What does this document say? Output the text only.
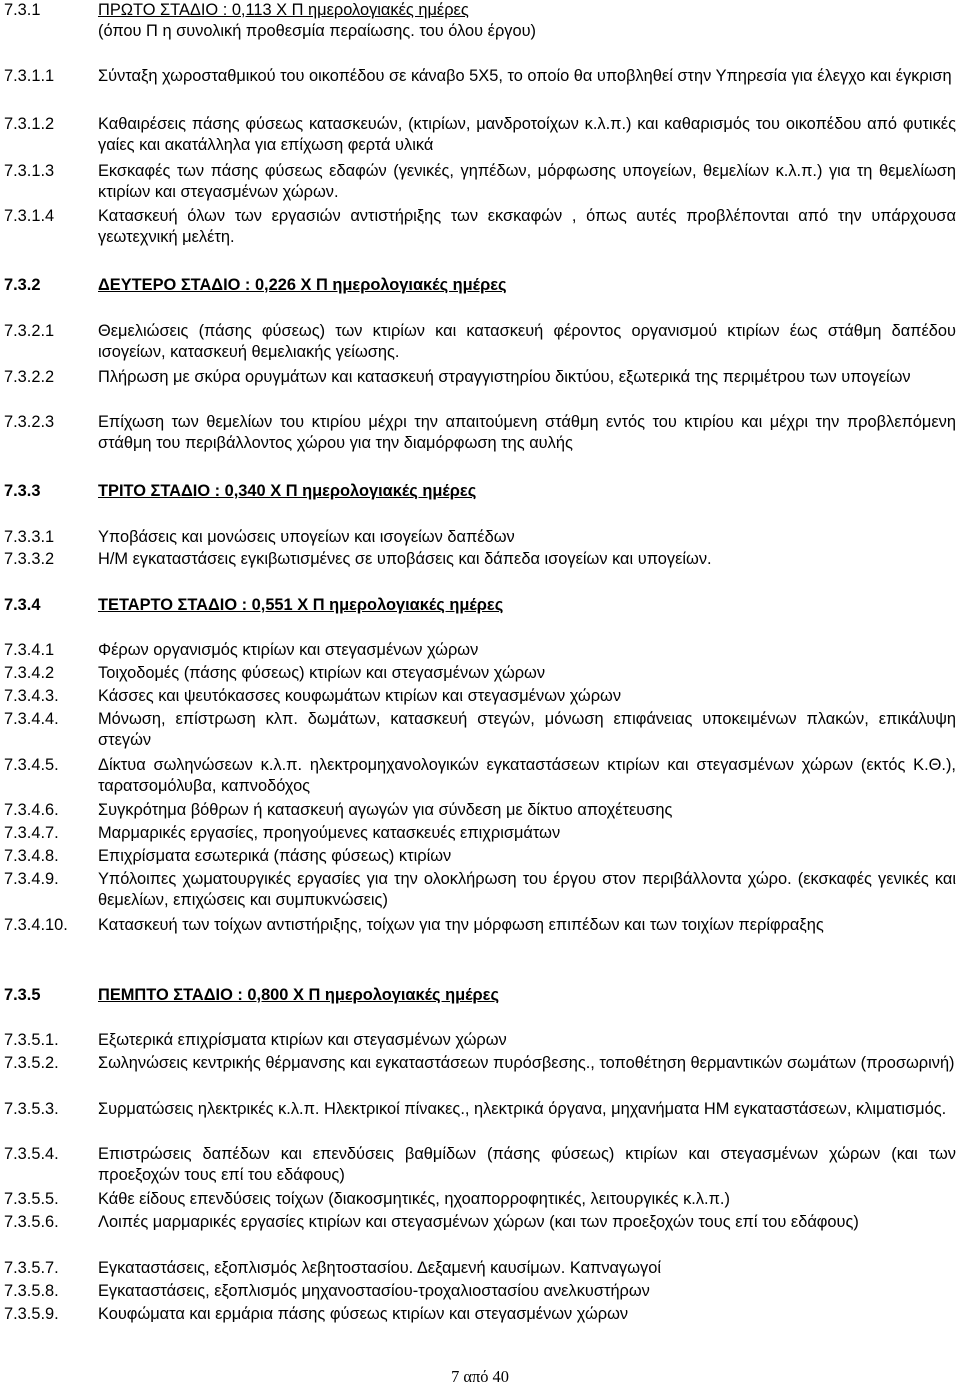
7.3.1	ΠΡΩΤΟ ΣΤΑΔΙΟ : 0,113 Χ Π ημερολογιακές ημέρες
(όπου Π η συνολική προθεσμία περαίωσης. του όλου έργου)
7.3.1.1	Σύνταξη χωροσταθμικού του οικοπέδου σε κάναβο 5Χ5, το οποίο θα υποβληθεί στην Υπηρεσία για έλεγχο και έγκριση
7.3.1.2	Καθαιρέσεις πάσης φύσεως κατασκευών, (κτιρίων, μανδροτοίχων κ.λ.π.) και καθαρισμός του οικοπέδου από φυτικές γαίες και ακατάλληλα για επίχωση φερτά υλικά
7.3.1.3	Εκσκαφές των πάσης φύσεως εδαφών (γενικές, γηπέδων, μόρφωσης υπογείων, θεμελίων κ.λ.π.) για τη θεμελίωση κτιρίων και στεγασμένων χώρων.
7.3.1.4	Κατασκευή όλων των εργασιών αντιστήριξης των εκσκαφών , όπως αυτές προβλέπονται από την υπάρχουσα γεωτεχνική μελέτη.
7.3.2	ΔΕΥΤΕΡΟ ΣΤΑΔΙΟ : 0,226 Χ Π ημερολογιακές ημέρες
7.3.2.1	Θεμελιώσεις (πάσης φύσεως) των κτιρίων και κατασκευή φέροντος οργανισμού κτιρίων έως στάθμη δαπέδου ισογείων, κατασκευή θεμελιακής γείωσης.
7.3.2.2	Πλήρωση με σκύρα ορυγμάτων και κατασκευή στραγγιστηρίου δικτύου, εξωτερικά της περιμέτρου των υπογείων
7.3.2.3	Επίχωση των θεμελίων του κτιρίου μέχρι την απαιτούμενη στάθμη εντός του κτιρίου και μέχρι την προβλεπόμενη στάθμη του περιβάλλοντος χώρου για την διαμόρφωση της αυλής
7.3.3	ΤΡΙΤΟ ΣΤΑΔΙΟ : 0,340 Χ Π ημερολογιακές ημέρες
7.3.3.1	Υποβάσεις και μονώσεις υπογείων και ισογείων δαπέδων
7.3.3.2	Η/Μ εγκαταστάσεις εγκιβωτισμένες σε υποβάσεις και δάπεδα ισογείων και υπογείων.
7.3.4	ΤΕΤΑΡΤΟ ΣΤΑΔΙΟ : 0,551 Χ Π ημερολογιακές ημέρες
7.3.4.1	Φέρων οργανισμός κτιρίων και στεγασμένων χώρων
7.3.4.2	Τοιχοδομές (πάσης φύσεως) κτιρίων και στεγασμένων χώρων
7.3.4.3. Κάσσες και ψευτόκασσες κουφωμάτων κτιρίων και στεγασμένων χώρων
7.3.4.4. Μόνωση, επίστρωση κλπ. δωμάτων, κατασκευή στεγών, μόνωση επιφάνειας υποκειμένων πλακών, επικάλυψη στεγών
7.3.4.5. Δίκτυα σωληνώσεων κ.λ.π. ηλεκτρομηχανολογικών εγκαταστάσεων κτιρίων και στεγασμένων χώρων (εκτός Κ.Θ.), ταρατσομόλυβα, καπνοδόχος
7.3.4.6. Συγκρότημα βόθρων ή κατασκευή αγωγών για σύνδεση με δίκτυο αποχέτευσης
7.3.4.7. Μαρμαρικές εργασίες, προηγούμενες κατασκευές επιχρισμάτων
7.3.4.8. Επιχρίσματα εσωτερικά (πάσης φύσεως) κτιρίων
7.3.4.9. Υπόλοιπες χωματουργικές εργασίες για την ολοκλήρωση του έργου στον περιβάλλοντα χώρο. (εκσκαφές γενικές και θεμελίων, επιχώσεις και συμπυκνώσεις)
7.3.4.10. Κατασκευή των τοίχων αντιστήριξης, τοίχων για την μόρφωση επιπέδων και των τοιχίων περίφραξης
7.3.5	ΠΕΜΠΤΟ ΣΤΑΔΙΟ : 0,800 Χ Π ημερολογιακές ημέρες
7.3.5.1. Εξωτερικά επιχρίσματα κτιρίων και στεγασμένων χώρων
7.3.5.2. Σωληνώσεις κεντρικής θέρμανσης και εγκαταστάσεων πυρόσβεσης., τοποθέτηση θερμαντικών σωμάτων (προσωρινή)
7.3.5.3. Συρματώσεις ηλεκτρικές κ.λ.π. Ηλεκτρικοί πίνακες., ηλεκτρικά όργανα, μηχανήματα ΗΜ εγκαταστάσεων, κλιματισμός.
7.3.5.4. Επιστρώσεις δαπέδων και επενδύσεις βαθμίδων (πάσης φύσεως) κτιρίων και στεγασμένων χώρων (και των προεξοχών τους επί του εδάφους)
7.3.5.5. Κάθε είδους επενδύσεις τοίχων (διακοσμητικές, ηχοαπορροφητικές, λειτουργικές κ.λ.π.)
7.3.5.6. Λοιπές μαρμαρικές εργασίες κτιρίων και στεγασμένων χώρων (και των προεξοχών τους επί του εδάφους)
7.3.5.7. Εγκαταστάσεις, εξοπλισμός λεβητοστασίου. Δεξαμενή καυσίμων. Καπναγωγοί
7.3.5.8. Εγκαταστάσεις, εξοπλισμός μηχανοστασίου-τροχαλιοστασίου ανελκυστήρων
7.3.5.9. Κουφώματα και ερμάρια πάσης φύσεως κτιρίων και στεγασμένων χώρων
7 από 40
